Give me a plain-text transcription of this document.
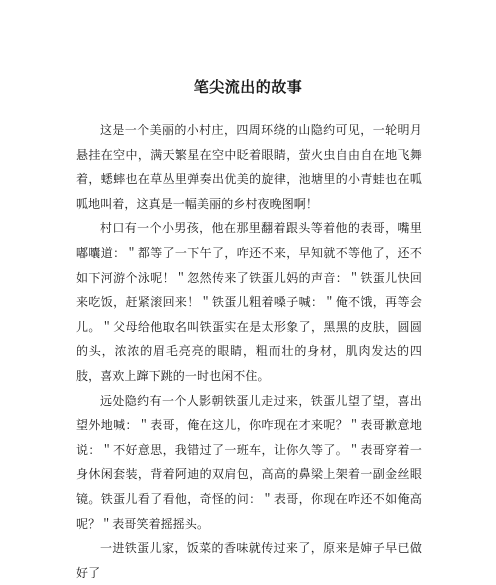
笔尖流出的故事

这是一个美丽的小村庄，四周环绕的山隐约可见，一轮明月悬挂在空中，满天繁星在空中眨着眼睛，萤火虫自由自在地飞舞着，蟋蟀也在草丛里弹奏出优美的旋律，池塘里的小青蛙也在呱呱地叫着，这真是一幅美丽的乡村夜晚图啊！

村口有一个小男孩，他在那里翻着跟头等着他的表哥，嘴里嘟囔道：＂都等了一下午了，咋还不来，早知就不等他了，还不如下河游个泳呢！＂忽然传来了铁蛋儿妈的声音：＂铁蛋儿快回来吃饭，赶紧滚回来！＂铁蛋儿粗着嗓子喊：＂俺不饿，再等会儿。＂父母给他取名叫铁蛋实在是太形象了，黑黑的皮肤，圆圆的头，浓浓的眉毛亮亮的眼睛，粗而壮的身材，肌肉发达的四肢，喜欢上蹿下跳的一时也闲不住。

远处隐约有一个人影朝铁蛋儿走过来，铁蛋儿望了望，喜出望外地喊：＂表哥，俺在这儿，你咋现在才来呢？＂表哥歉意地说：＂不好意思，我错过了一班车，让你久等了。＂表哥穿着一身休闲套装，背着阿迪的双肩包，高高的鼻梁上架着一副金丝眼镜。铁蛋儿看了看他，奇怪的问：＂表哥，你现在咋还不如俺高呢？＂表哥笑着摇摇头。

一进铁蛋儿家，饭菜的香味就传过来了，原来是婶子早已做好了
